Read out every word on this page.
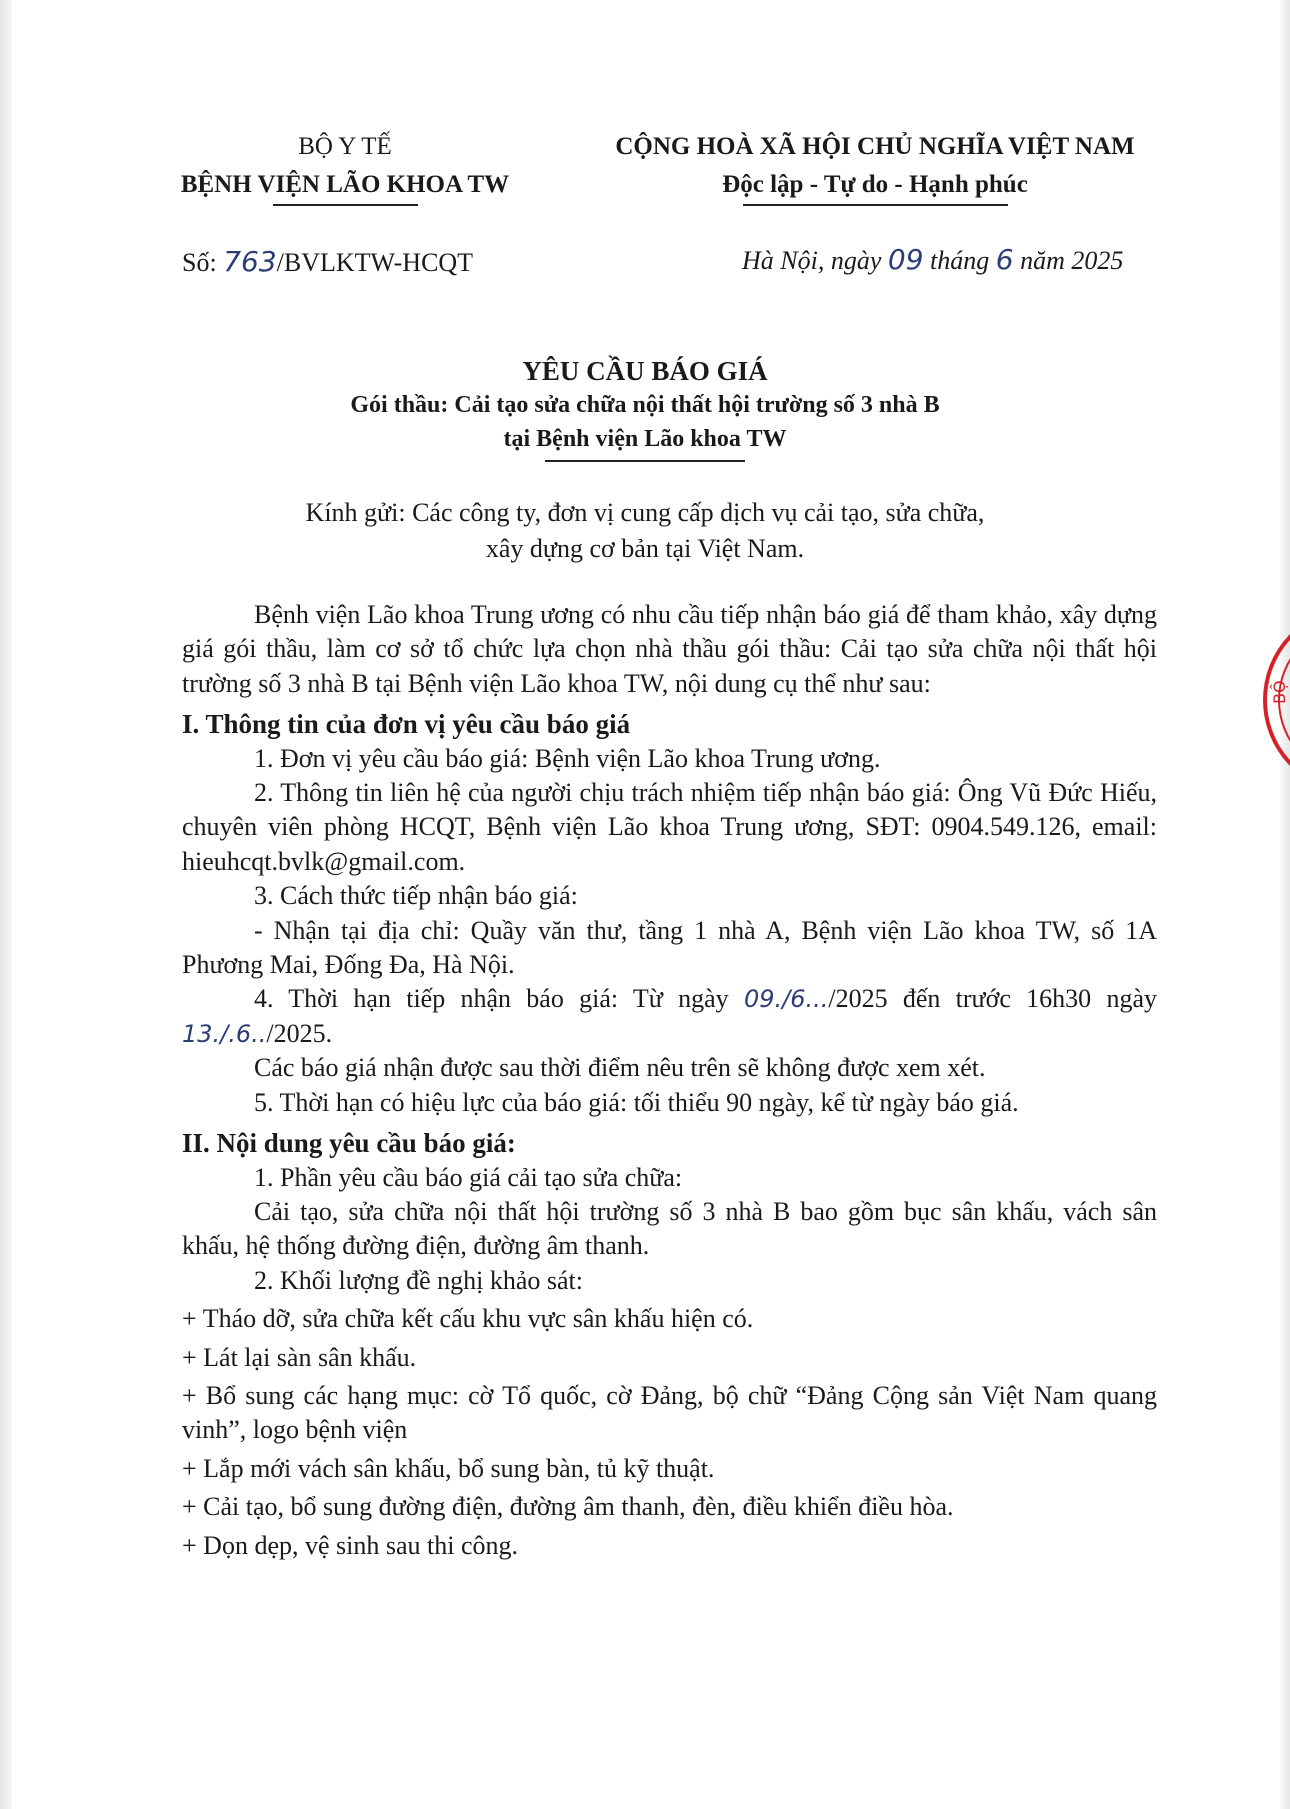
BỘ Y TẾ
BỆNH VIỆN LÃO KHOA TW
CỘNG HOÀ XÃ HỘI CHỦ NGHĨA VIỆT NAM
Độc lập - Tự do - Hạnh phúc
Số: 763/BVLKTW-HCQT	Hà Nội, ngày 09 tháng 6 năm 2025
YÊU CẦU BÁO GIÁ
Gói thầu: Cải tạo sửa chữa nội thất hội trường số 3 nhà B
tại Bệnh viện Lão khoa TW
Kính gửi: Các công ty, đơn vị cung cấp dịch vụ cải tạo, sửa chữa,
xây dựng cơ bản tại Việt Nam.

Bệnh viện Lão khoa Trung ương có nhu cầu tiếp nhận báo giá để tham khảo, xây dựng giá gói thầu, làm cơ sở tổ chức lựa chọn nhà thầu gói thầu: Cải tạo sửa chữa nội thất hội trường số 3 nhà B tại Bệnh viện Lão khoa TW, nội dung cụ thể như sau:

I. Thông tin của đơn vị yêu cầu báo giá

1. Đơn vị yêu cầu báo giá: Bệnh viện Lão khoa Trung ương.

2. Thông tin liên hệ của người chịu trách nhiệm tiếp nhận báo giá: Ông Vũ Đức Hiếu, chuyên viên phòng HCQT, Bệnh viện Lão khoa Trung ương, SĐT: 0904.549.126, email: hieuhcqt.bvlk@gmail.com.

3. Cách thức tiếp nhận báo giá:

- Nhận tại địa chỉ: Quầy văn thư, tầng 1 nhà A, Bệnh viện Lão khoa TW, số 1A Phương Mai, Đống Đa, Hà Nội.

4. Thời hạn tiếp nhận báo giá: Từ ngày 09./6.../2025 đến trước 16h30 ngày 13./.6../2025.

Các báo giá nhận được sau thời điểm nêu trên sẽ không được xem xét.

5. Thời hạn có hiệu lực của báo giá: tối thiểu 90 ngày, kể từ ngày báo giá.

II. Nội dung yêu cầu báo giá:

1. Phần yêu cầu báo giá cải tạo sửa chữa:

Cải tạo, sửa chữa nội thất hội trường số 3 nhà B bao gồm bục sân khấu, vách sân khấu, hệ thống đường điện, đường âm thanh.

2. Khối lượng đề nghị khảo sát:

+ Tháo dỡ, sửa chữa kết cấu khu vực sân khấu hiện có.

+ Lát lại sàn sân khấu.

+ Bổ sung các hạng mục: cờ Tổ quốc, cờ Đảng, bộ chữ “Đảng Cộng sản Việt Nam quang vinh”, logo bệnh viện

+ Lắp mới vách sân khấu, bổ sung bàn, tủ kỹ thuật.

+ Cải tạo, bổ sung đường điện, đường âm thanh, đèn, điều khiển điều hòa.

+ Dọn dẹp, vệ sinh sau thi công.

BỘ
